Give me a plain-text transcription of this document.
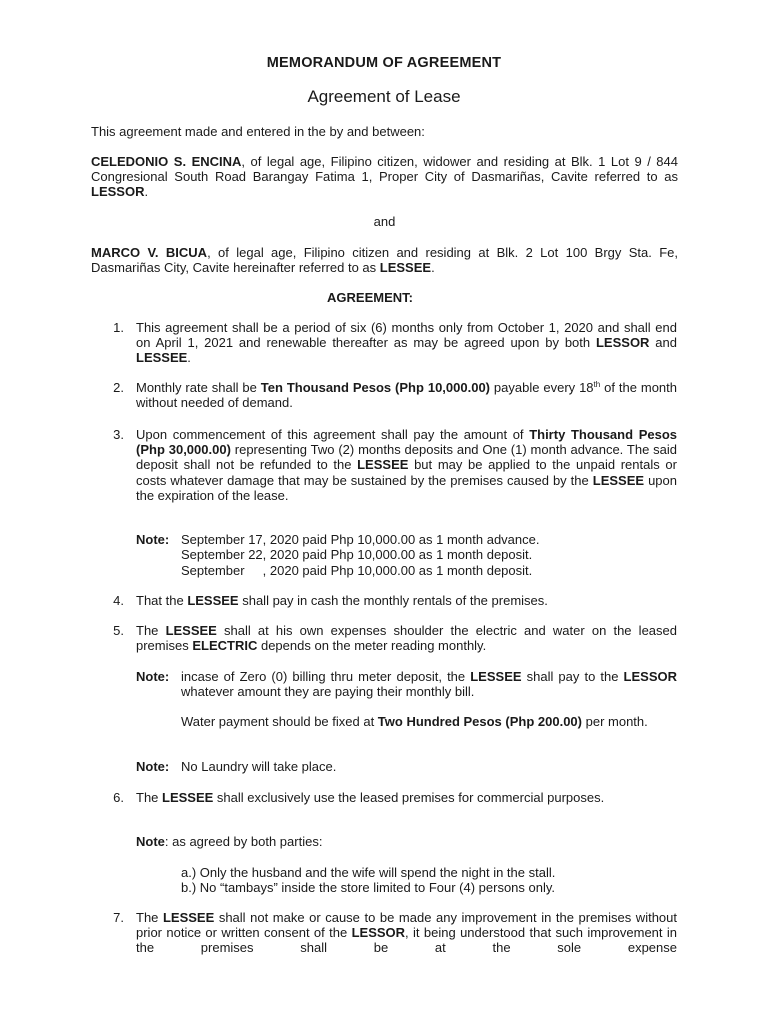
MEMORANDUM OF AGREEMENT
Agreement of Lease
This agreement made and entered in the by and between:
CELEDONIO S. ENCINA, of legal age, Filipino citizen, widower and residing at Blk. 1 Lot 9 / 844 Congresional South Road Barangay Fatima 1, Proper City of Dasmariñas, Cavite referred to as LESSOR.
and
MARCO V. BICUA, of legal age, Filipino citizen and residing at Blk. 2 Lot 100 Brgy Sta. Fe, Dasmariñas City, Cavite hereinafter referred to as LESSEE.
AGREEMENT:
1. This agreement shall be a period of six (6) months only from October 1, 2020 and shall end on April 1, 2021 and renewable thereafter as may be agreed upon by both LESSOR and LESSEE.
2. Monthly rate shall be Ten Thousand Pesos (Php 10,000.00) payable every 18th of the month without needed of demand.
3. Upon commencement of this agreement shall pay the amount of Thirty Thousand Pesos (Php 30,000.00) representing Two (2) months deposits and One (1) month advance. The said deposit shall not be refunded to the LESSEE but may be applied to the unpaid rentals or costs whatever damage that may be sustained by the premises caused by the LESSEE upon the expiration of the lease.
Note: September 17, 2020 paid Php 10,000.00 as 1 month advance.
September 22, 2020 paid Php 10,000.00 as 1 month deposit.
September     , 2020 paid Php 10,000.00 as 1 month deposit.
4. That the LESSEE shall pay in cash the monthly rentals of the premises.
5. The LESSEE shall at his own expenses shoulder the electric and water on the leased premises ELECTRIC depends on the meter reading monthly.
Note: incase of Zero (0) billing thru meter deposit, the LESSEE shall pay to the LESSOR whatever amount they are paying their monthly bill.
Water payment should be fixed at Two Hundred Pesos (Php 200.00) per month.
Note: No Laundry will take place.
6. The LESSEE shall exclusively use the leased premises for commercial purposes.
Note: as agreed by both parties:
a.) Only the husband and the wife will spend the night in the stall.
b.) No “tambays” inside the store limited to Four (4) persons only.
7. The LESSEE shall not make or cause to be made any improvement in the premises without prior notice or written consent of the LESSOR, it being understood that such improvement in the premises shall be at the sole expense
